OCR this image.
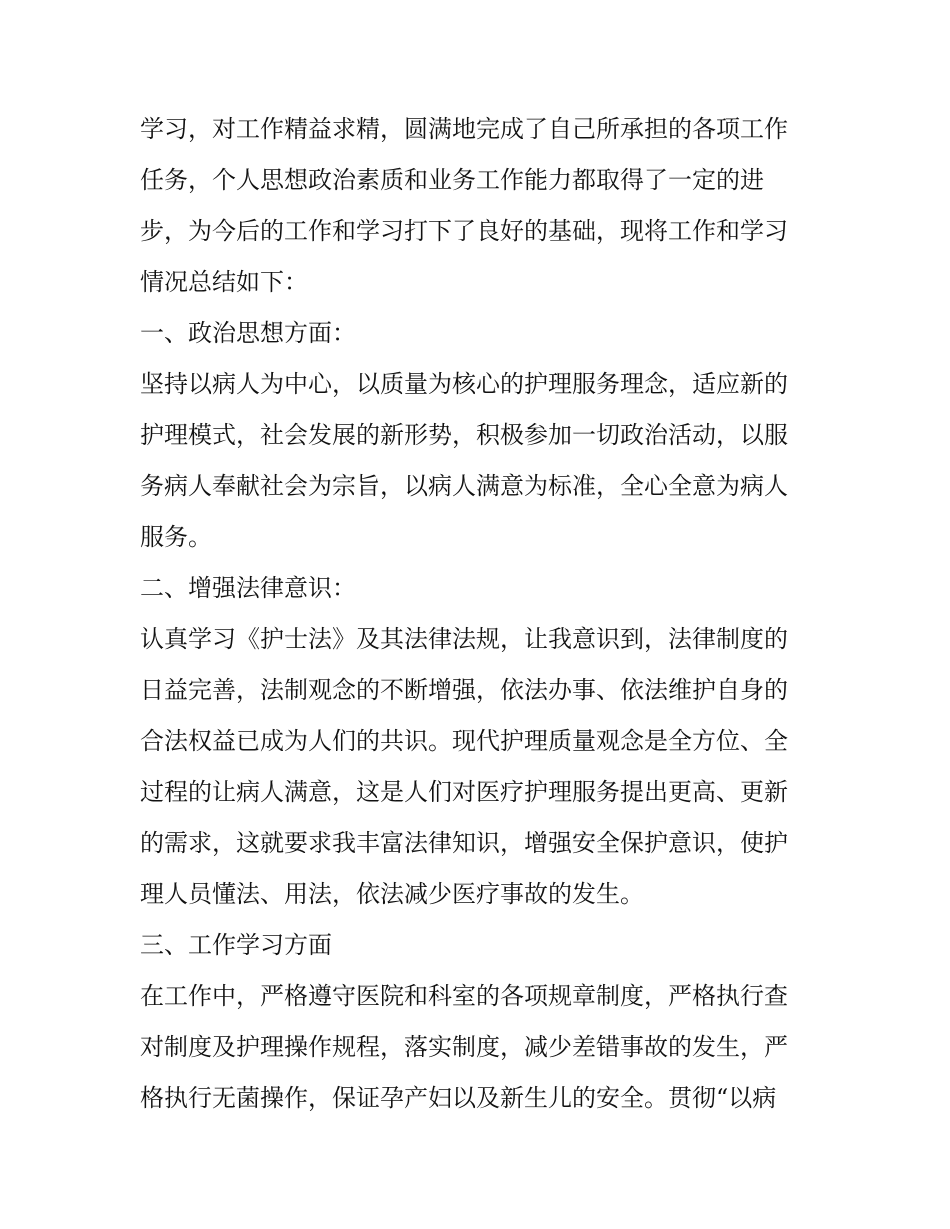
学习，对工作精益求精，圆满地完成了自己所承担的各项工作
任务，个人思想政治素质和业务工作能力都取得了一定的进
步，为今后的工作和学习打下了良好的基础，现将工作和学习
情况总结如下：
一、政治思想方面：
坚持以病人为中心，以质量为核心的护理服务理念，适应新的
护理模式，社会发展的新形势，积极参加一切政治活动，以服
务病人奉献社会为宗旨，以病人满意为标准，全心全意为病人
服务。
二、增强法律意识：
认真学习《护士法》及其法律法规，让我意识到，法律制度的
日益完善，法制观念的不断增强，依法办事、依法维护自身的
合法权益已成为人们的共识。现代护理质量观念是全方位、全
过程的让病人满意，这是人们对医疗护理服务提出更高、更新
的需求，这就要求我丰富法律知识，增强安全保护意识，使护
理人员懂法、用法，依法减少医疗事故的发生。
三、工作学习方面
在工作中，严格遵守医院和科室的各项规章制度，严格执行查
对制度及护理操作规程，落实制度，减少差错事故的发生，严
格执行无菌操作，保证孕产妇以及新生儿的安全。贯彻“以病
